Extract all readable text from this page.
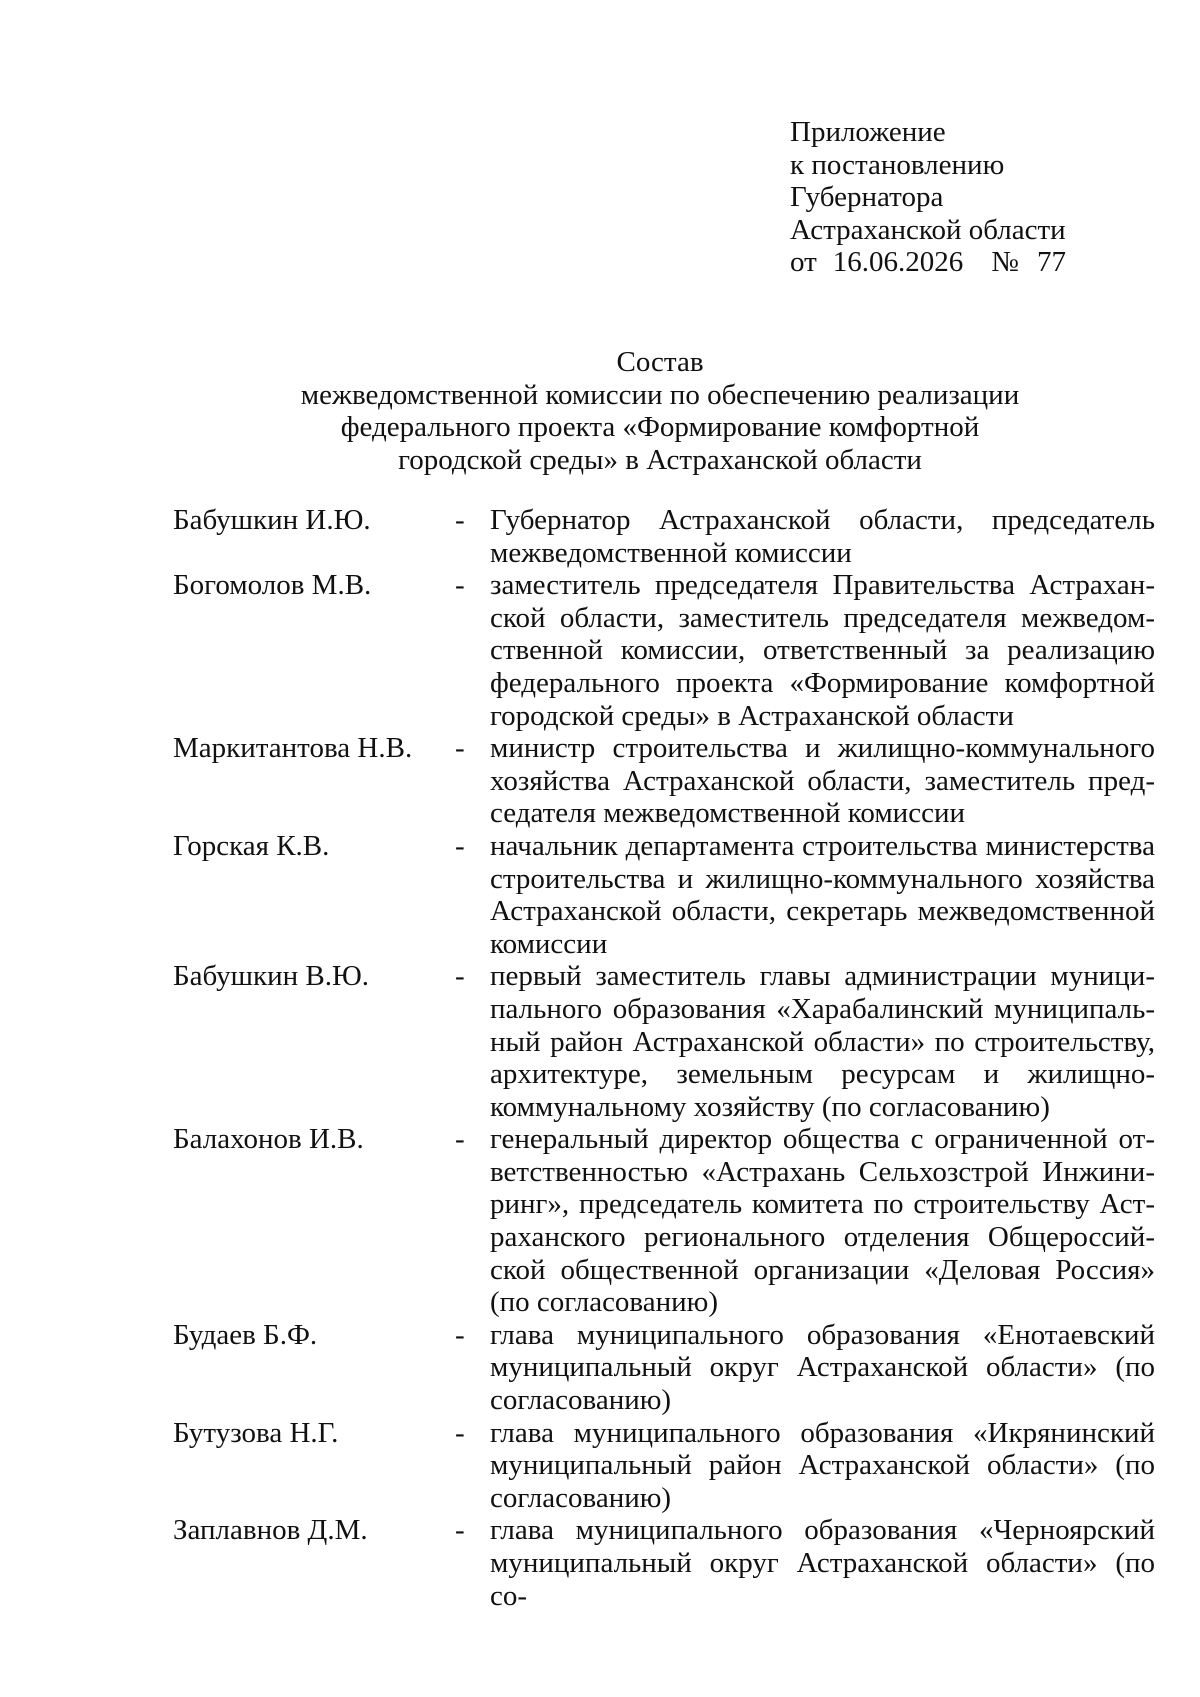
Приложение
к постановлению
Губернатора
Астраханской области
от 16.06.2026 № 77
Состав
межведомственной комиссии по обеспечению реализации
федерального проекта «Формирование комфортной
городской среды» в Астраханской области
Бабушкин И.Ю.	- Губернатор Астраханской области, председатель межведомственной комиссии
Богомолов М.В.	- заместитель председателя Правительства Астраханской области, заместитель председателя межведомственной комиссии, ответственный за реализацию федерального проекта «Формирование комфортной городской среды» в Астраханской области
Маркитантова Н.В.	- министр строительства и жилищно-коммунального хозяйства Астраханской области, заместитель председателя межведомственной комиссии
Горская К.В.	- начальник департамента строительства министерства строительства и жилищно-коммунального хозяйства Астраханской области, секретарь межведомственной комиссии
Бабушкин В.Ю.	- первый заместитель главы администрации муниципального образования «Харабалинский муниципальный район Астраханской области» по строительству, архитектуре, земельным ресурсам и жилищно-коммунальному хозяйству (по согласованию)
Балахонов И.В.	- генеральный директор общества с ограниченной ответственностью «Астрахань Сельхозстрой Инжиниринг», председатель комитета по строительству Астраханского регионального отделения Общероссийской общественной организации «Деловая Россия» (по согласованию)
Будаев Б.Ф.	- глава муниципального образования «Енотаевский муниципальный округ Астраханской области» (по согласованию)
Бутузова Н.Г.	- глава муниципального образования «Икрянинский муниципальный район Астраханской области» (по согласованию)
Заплавнов Д.М.	- глава муниципального образования «Черноярский муниципальный округ Астраханской области» (по со-
